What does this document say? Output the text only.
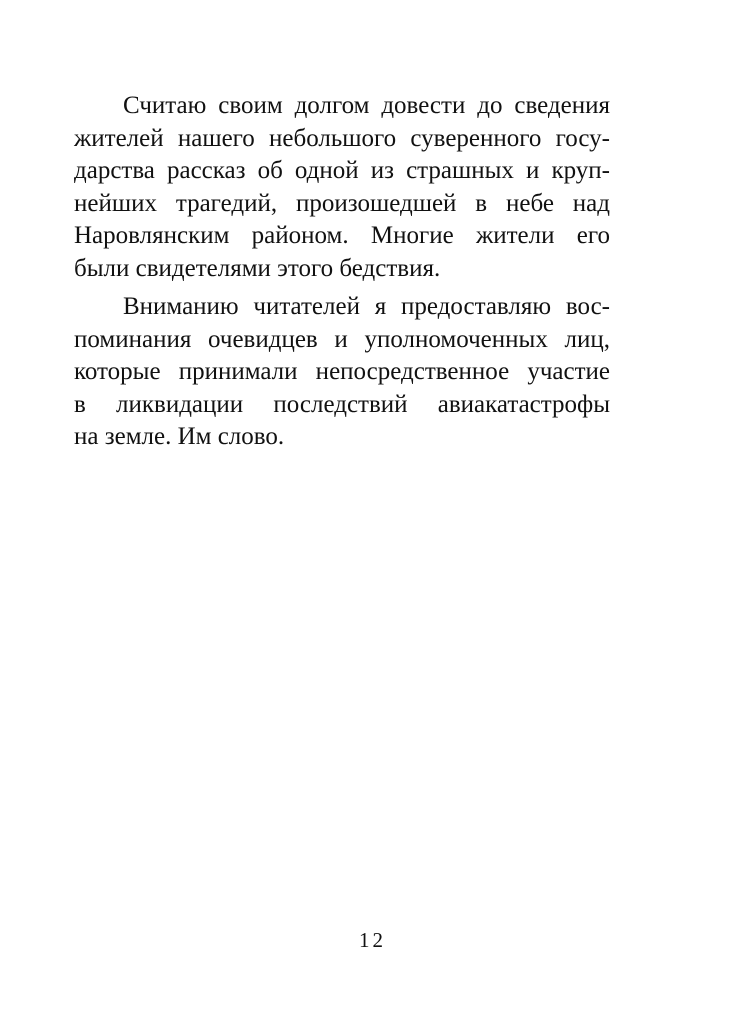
Считаю своим долгом довести до сведения
жителей нашего небольшого суверенного госу-
дарства рассказ об одной из страшных и круп-
нейших трагедий, произошедшей в небе над
Наровлянским районом. Многие жители его
были свидетелями этого бедствия.

Вниманию читателей я предоставляю вос-
поминания очевидцев и уполномоченных лиц,
которые принимали непосредственное участие
в ликвидации последствий авиакатастрофы
на земле. Им слово.

12
